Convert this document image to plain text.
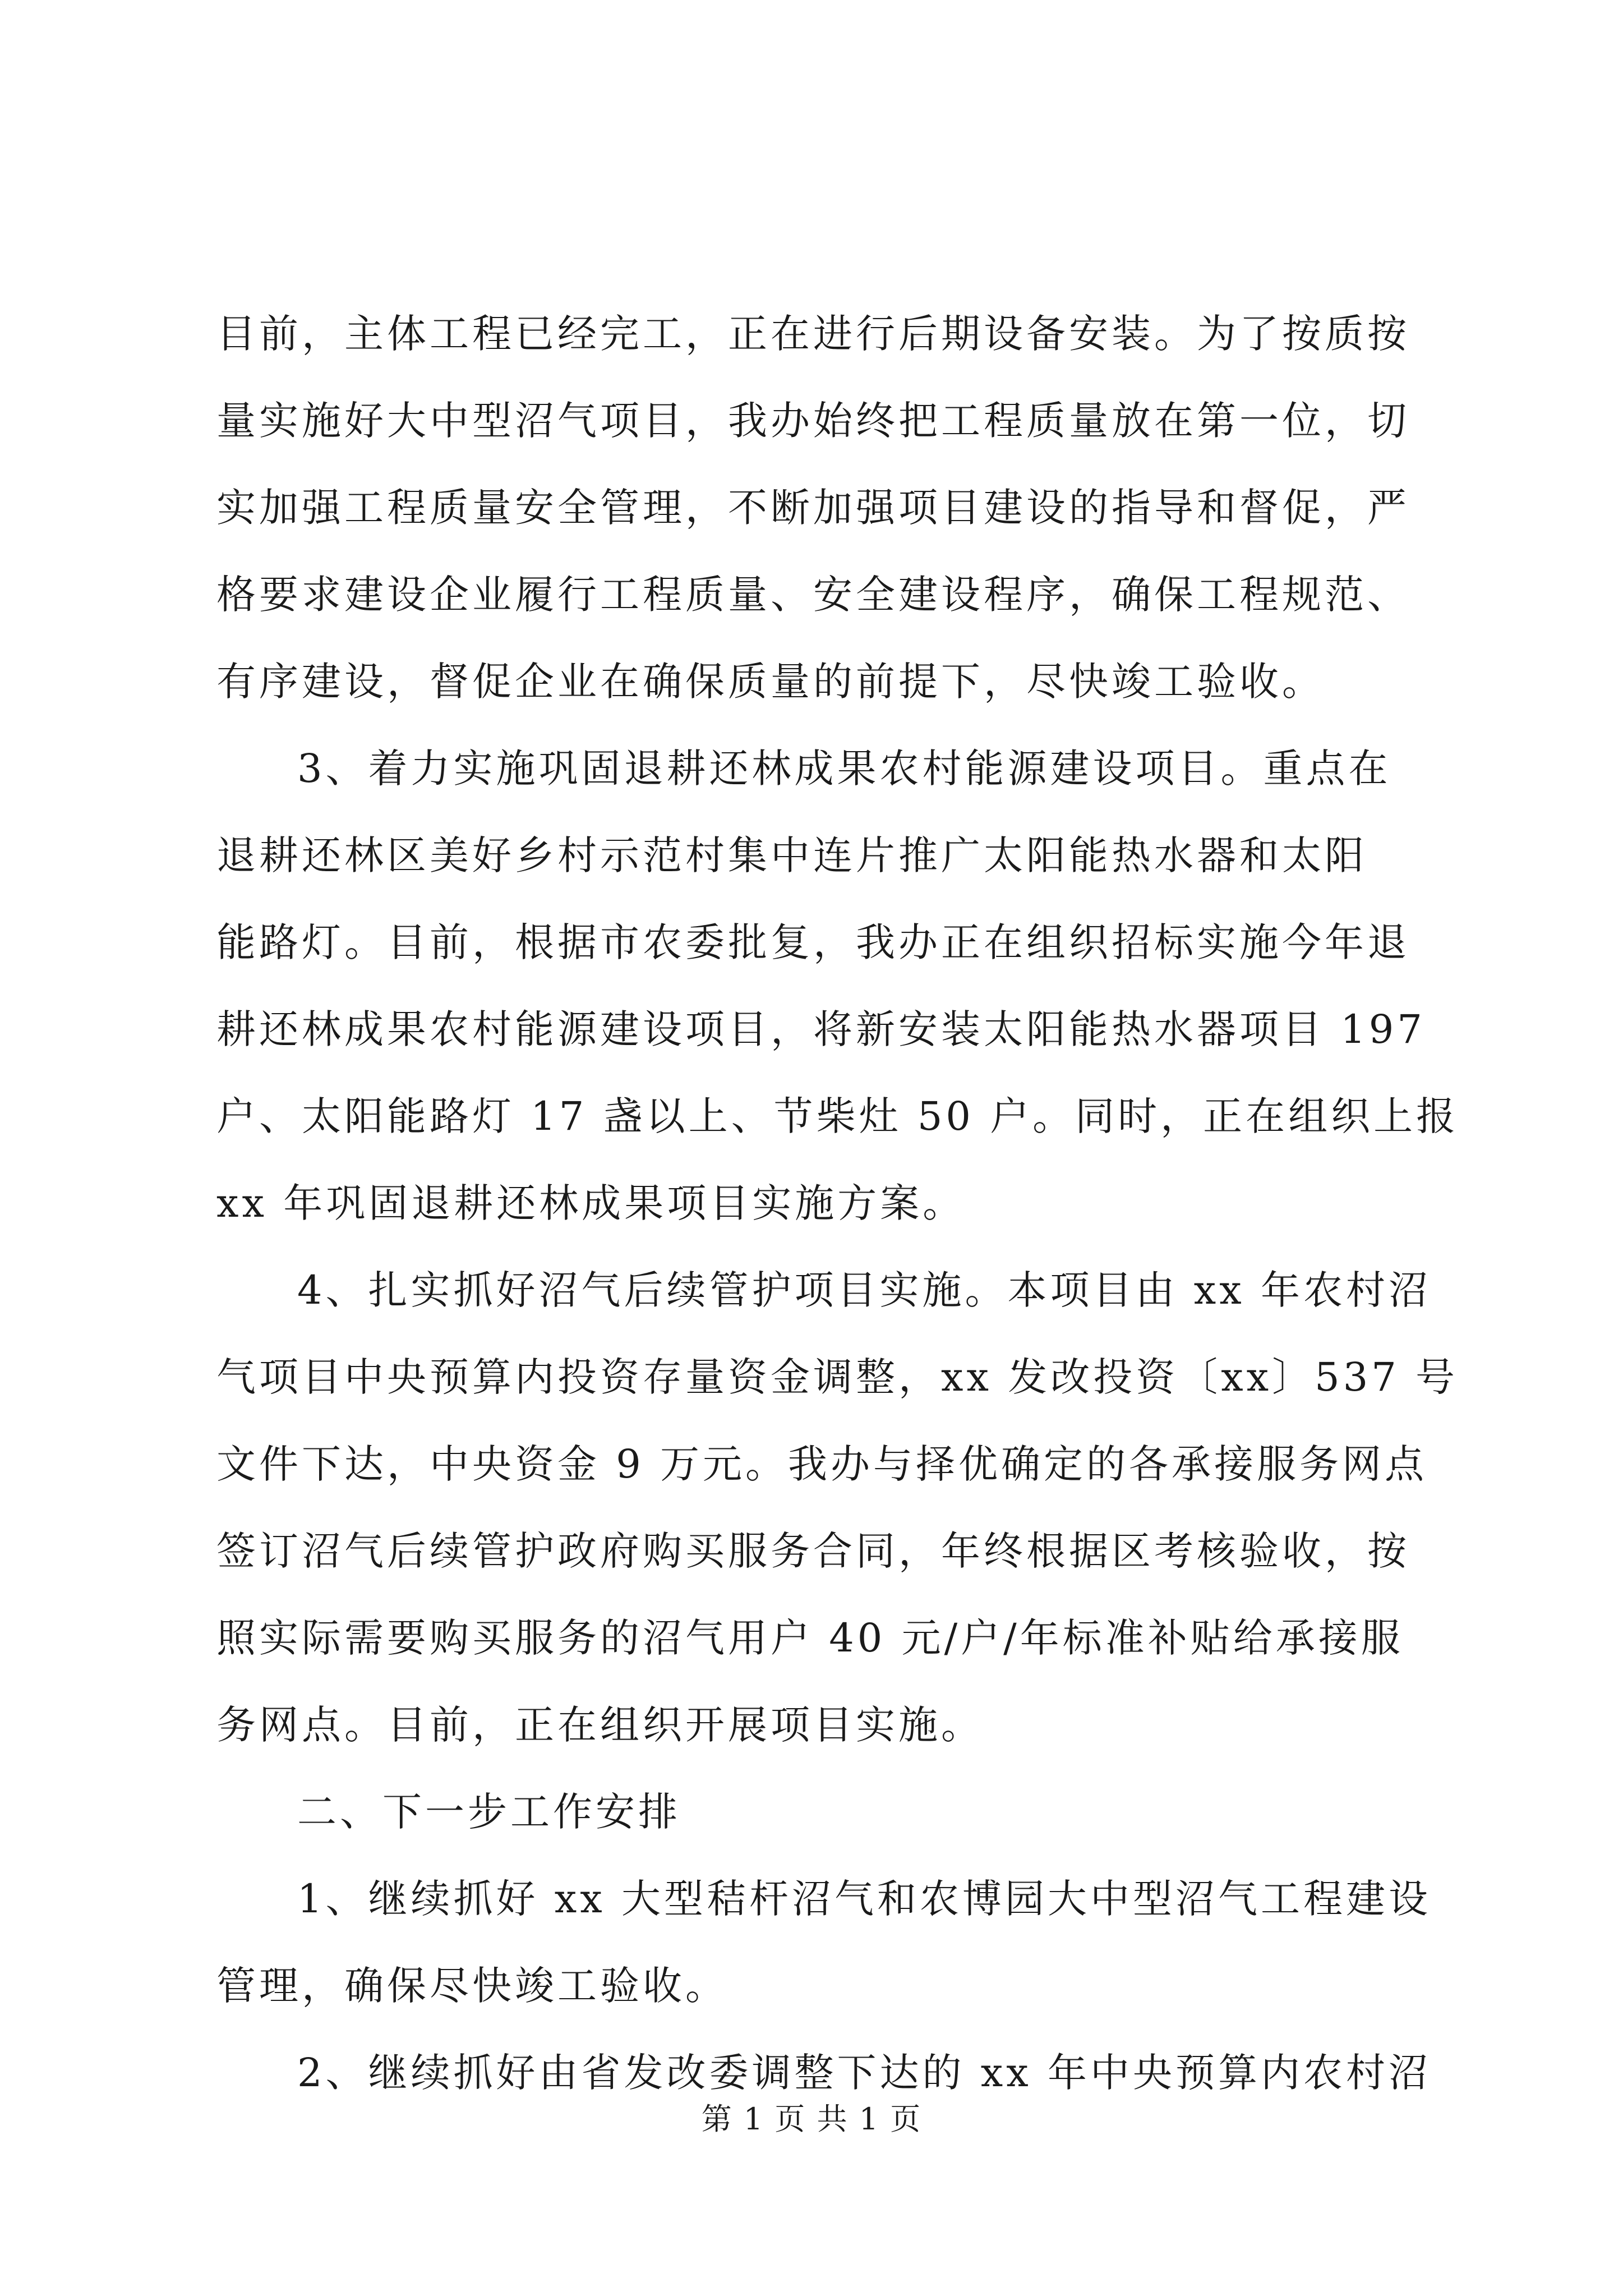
目前，主体工程已经完工，正在进行后期设备安装。为了按质按
量实施好大中型沼气项目，我办始终把工程质量放在第一位，切
实加强工程质量安全管理，不断加强项目建设的指导和督促，严
格要求建设企业履行工程质量、安全建设程序，确保工程规范、
有序建设，督促企业在确保质量的前提下，尽快竣工验收。
3、着力实施巩固退耕还林成果农村能源建设项目。重点在
退耕还林区美好乡村示范村集中连片推广太阳能热水器和太阳
能路灯。目前，根据市农委批复，我办正在组织招标实施今年退
耕还林成果农村能源建设项目，将新安装太阳能热水器项目 197
户、太阳能路灯 17 盏以上、节柴灶 50 户。同时，正在组织上报
xx 年巩固退耕还林成果项目实施方案。
4、扎实抓好沼气后续管护项目实施。本项目由 xx 年农村沼
气项目中央预算内投资存量资金调整，xx 发改投资〔xx〕537 号
文件下达，中央资金 9 万元。我办与择优确定的各承接服务网点
签订沼气后续管护政府购买服务合同，年终根据区考核验收，按
照实际需要购买服务的沼气用户 40 元/户/年标准补贴给承接服
务网点。目前，正在组织开展项目实施。
二、下一步工作安排
1、继续抓好 xx 大型秸杆沼气和农博园大中型沼气工程建设
管理，确保尽快竣工验收。
2、继续抓好由省发改委调整下达的 xx 年中央预算内农村沼
第 1 页 共 1 页
